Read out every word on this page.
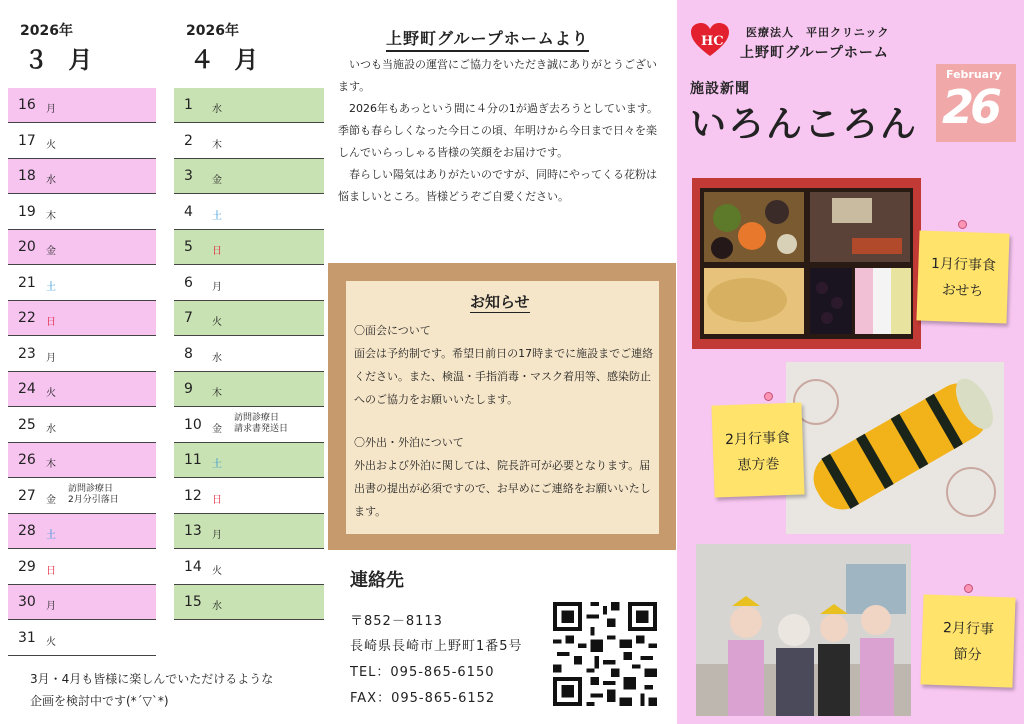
2026年
３ 月
16 月
17 火
18 水
19 木
20 金
21 土
22 日
23 月
24 火
25 水
26 木
27 金
訪問診療日
2月分引落日
28 土
29 日
30 月
31 火
3月・4月も皆様に楽しんでいただけるような
企画を検討中です(*´▽`*)
2026年
４ 月
1 水
2 木
3 金
4 土
5 日
6 月
7 火
8 水
9 木
10 金
訪問診療日
請求書発送日
11 土
12 日
13 月
14 火
15 水
上野町グループホームより

いつも当施設の運営にご協力をいただき誠にありがとうございます。

2026年もあっという間に４分の1が過ぎ去ろうとしています。季節も春らしくなった今日この頃、年明けから今日まで日々を楽しんでいらっしゃる皆様の笑顔をお届けです。

春らしい陽気はありがたいのですが、同時にやってくる花粉は悩ましいところ。皆様どうぞご自愛ください。

お知らせ
〇面会について
面会は予約制です。希望日前日の17時までに施設までご連絡ください。また、検温・手指消毒・マスク着用等、感染防止へのご協力をお願いいたします。
〇外出・外泊について
外出および外泊に関しては、院長許可が必要となります。届出書の提出が必須ですので、お早めにご連絡をお願いいたします。
連絡先
〒852－8113
長崎県長崎市上野町1番5号
TEL：095-865-6150
FAX：095-865-6152
HC
医療法人　平田クリニック
上野町グループホーム
施設新聞
いろんころん
February
26
1月行事食
おせち
2月行事食
恵方巻
2月行事
節分
